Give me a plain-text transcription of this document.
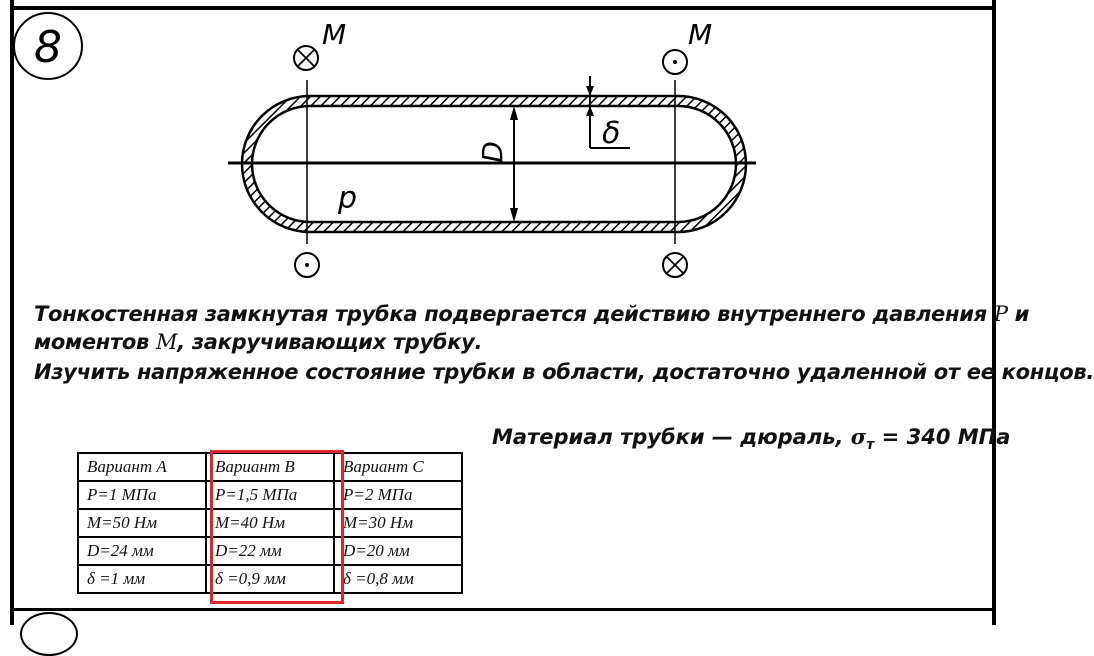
8
D
δ
p
M	M
Тонкостенная замкнутая трубка подвергается действию внутреннего давления P и
моментов M, закручивающих трубку.
Изучить напряженное состояние трубки в области, достаточно удаленной от ее концов.
Материал трубки — дюраль, $\sigma_т = 340$ МПа
Вариант А	Вариант В	Вариант С
Р=1 МПа	Р=1,5 МПа	Р=2 МПа
М=50 Нм	М=40 Нм	М=30 Нм
D=24 мм	D=22 мм	D=20 мм
δ =1 мм	δ =0,9 мм	δ =0,8 мм
